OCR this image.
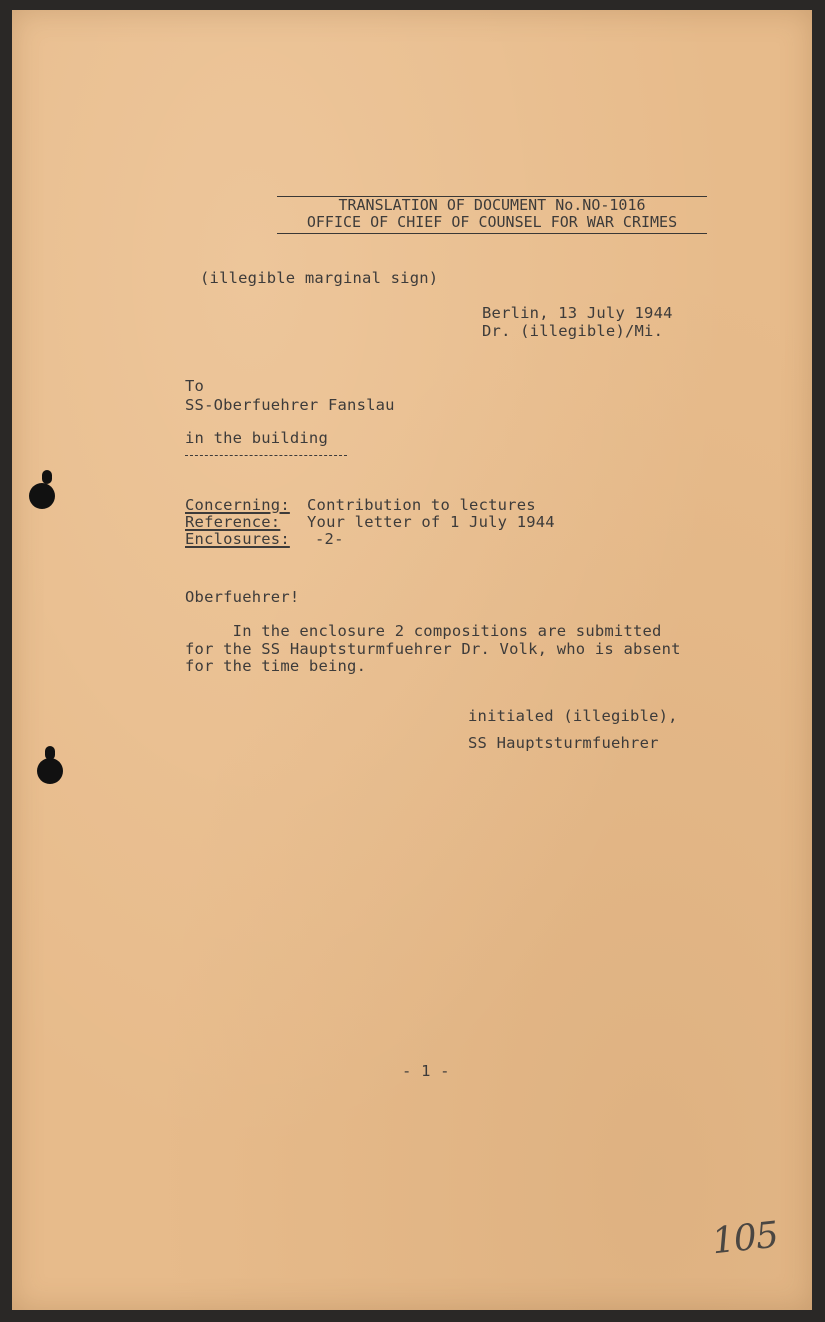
TRANSLATION OF DOCUMENT No.NO-1016
OFFICE OF CHIEF OF COUNSEL FOR WAR CRIMES
(illegible marginal sign)
Berlin, 13 July 1944
Dr. (illegible)/Mi.
To
SS-Oberfuehrer Fanslau
in the building
Concerning: Contribution to lectures
Reference: Your letter of 1 July 1944
Enclosures: -2-
Oberfuehrer!
In the enclosure 2 compositions are submitted
for the SS Hauptsturmfuehrer Dr. Volk, who is absent
for the time being.
initialed (illegible),
SS Hauptsturmfuehrer
- 1 -
105
